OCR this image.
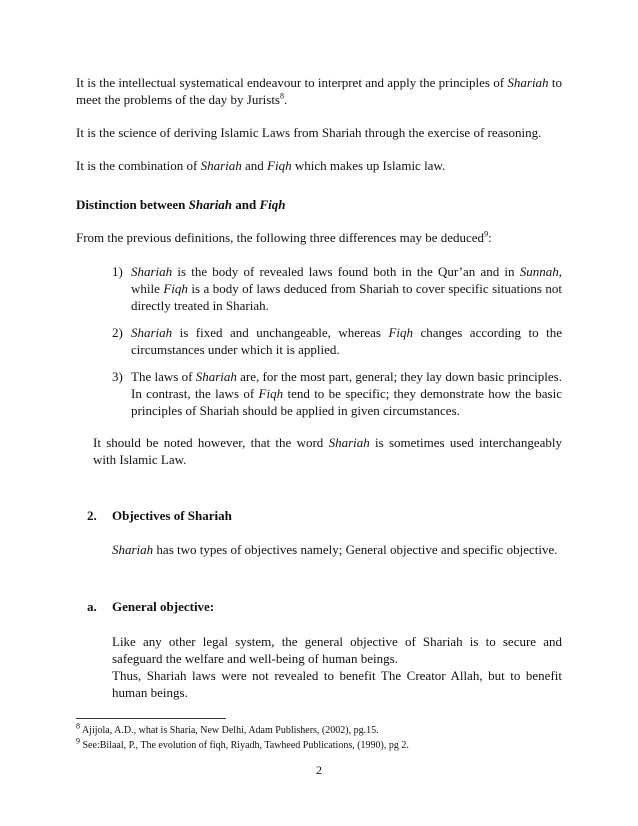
It is the intellectual systematical endeavour to interpret and apply the principles of Shariah to meet the problems of the day by Jurists$^8$.

It is the science of deriving Islamic Laws from Shariah through the exercise of reasoning.

It is the combination of Shariah and Fiqh which makes up Islamic law.

Distinction between Shariah and Fiqh

From the previous definitions, the following three differences may be deduced$^9$:

1) Shariah is the body of revealed laws found both in the Qur’an and in Sunnah, while Fiqh is a body of laws deduced from Shariah to cover specific situations not directly treated in Shariah.
2) Shariah is fixed and unchangeable, whereas Fiqh changes according to the circumstances under which it is applied.
3) The laws of Shariah are, for the most part, general; they lay down basic principles. In contrast, the laws of Fiqh tend to be specific; they demonstrate how the basic principles of Shariah should be applied in given circumstances.

It should be noted however, that the word Shariah is sometimes used interchangeably with Islamic Law.

2. Objectives of Shariah

Shariah has two types of objectives namely; General objective and specific objective.

a. General objective:

Like any other legal system, the general objective of Shariah is to secure and safeguard the welfare and well-being of human beings.

Thus, Shariah laws were not revealed to benefit The Creator Allah, but to benefit human beings.

$^8$ Ajijola, A.D., what is Sharia, New Delhi, Adam Publishers, (2002), pg.15.

$^9$ See:Bilaal, P., The evolution of fiqh, Riyadh, Tawheed Publications, (1990), pg 2.

2
